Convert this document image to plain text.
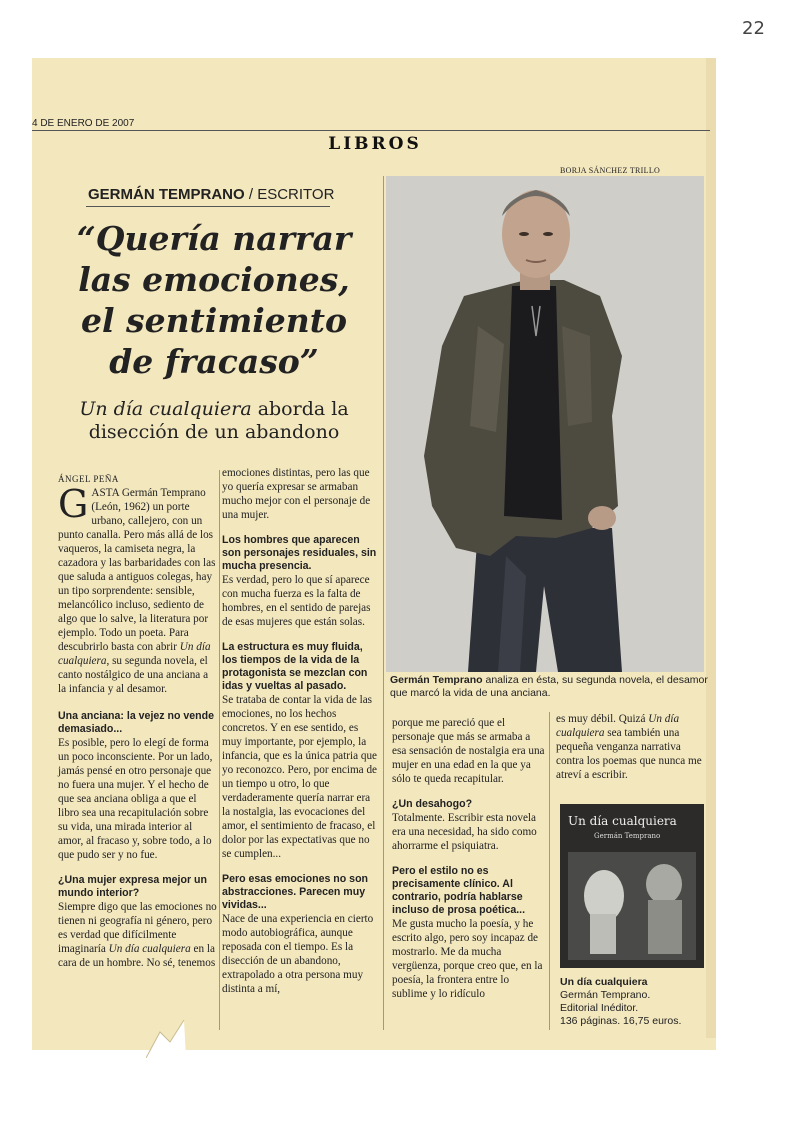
22
4 DE ENERO DE 2007
LIBROS
BORJA SÁNCHEZ TRILLO
GERMÁN TEMPRANO / ESCRITOR
“Quería narrar las emociones, el sentimiento de fracaso”
Un día cualquiera aborda la disección de un abandono
ÁNGEL PEÑA

GASTA Germán Temprano (León, 1962) un porte urbano, callejero, con un punto canalla. Pero más allá de los vaqueros, la camiseta negra, la cazadora y las barbaridades con las que saluda a antiguos colegas, hay un tipo sorprendente: sensible, melancólico incluso, sediento de algo que lo salve, la literatura por ejemplo. Todo un poeta. Para descubrirlo basta con abrir Un día cualquiera, su segunda novela, el canto nostálgico de una anciana a la infancia y al desamor.

Una anciana: la vejez no vende demasiado...

Es posible, pero lo elegí de forma un poco inconsciente. Por un lado, jamás pensé en otro personaje que no fuera una mujer. Y el hecho de que sea anciana obliga a que el libro sea una recapitulación sobre su vida, una mirada interior al amor, al fracaso y, sobre todo, a lo que pudo ser y no fue.

¿Una mujer expresa mejor un mundo interior?

Siempre digo que las emociones no tienen ni geografía ni género, pero es verdad que difícilmente imaginaría Un día cualquiera en la cara de un hombre. No sé, tenemos

emociones distintas, pero las que yo quería expresar se armaban mucho mejor con el personaje de una mujer.

Los hombres que aparecen son personajes residuales, sin mucha presencia.

Es verdad, pero lo que sí aparece con mucha fuerza es la falta de hombres, en el sentido de parejas de esas mujeres que están solas.

La estructura es muy fluida, los tiempos de la vida de la protagonista se mezclan con idas y vueltas al pasado.

Se trataba de contar la vida de las emociones, no los hechos concretos. Y en ese sentido, es muy importante, por ejemplo, la infancia, que es la única patria que yo reconozco. Pero, por encima de un tiempo u otro, lo que verdaderamente quería narrar era la nostalgia, las evocaciones del amor, el sentimiento de fracaso, el dolor por las expectativas que no se cumplen...

Pero esas emociones no son abstracciones. Parecen muy vividas...

Nace de una experiencia en cierto modo autobiográfica, aunque reposada con el tiempo. Es la disección de un abandono, extrapolado a otra persona muy distinta a mí,

Germán Temprano analiza en ésta, su segunda novela, el desamor que marcó la vida de una anciana.

porque me pareció que el personaje que más se armaba a esa sensación de nostalgia era una mujer en una edad en la que ya sólo te queda recapitular.

¿Un desahogo?

Totalmente. Escribir esta novela era una necesidad, ha sido como ahorrarme el psiquiatra.

Pero el estilo no es precisamente clínico. Al contrario, podría hablarse incluso de prosa poética...

Me gusta mucho la poesía, y he escrito algo, pero soy incapaz de mostrarlo. Me da mucha vergüenza, porque creo que, en la poesía, la frontera entre lo sublime y lo ridículo

es muy débil. Quizá Un día cualquiera sea también una pequeña venganza narrativa contra los poemas que nunca me atreví a escribir.

Un día cualquiera
Germán Temprano
Un día cualquiera
Germán Temprano.
Editorial Inéditor.
136 páginas. 16,75 euros.
